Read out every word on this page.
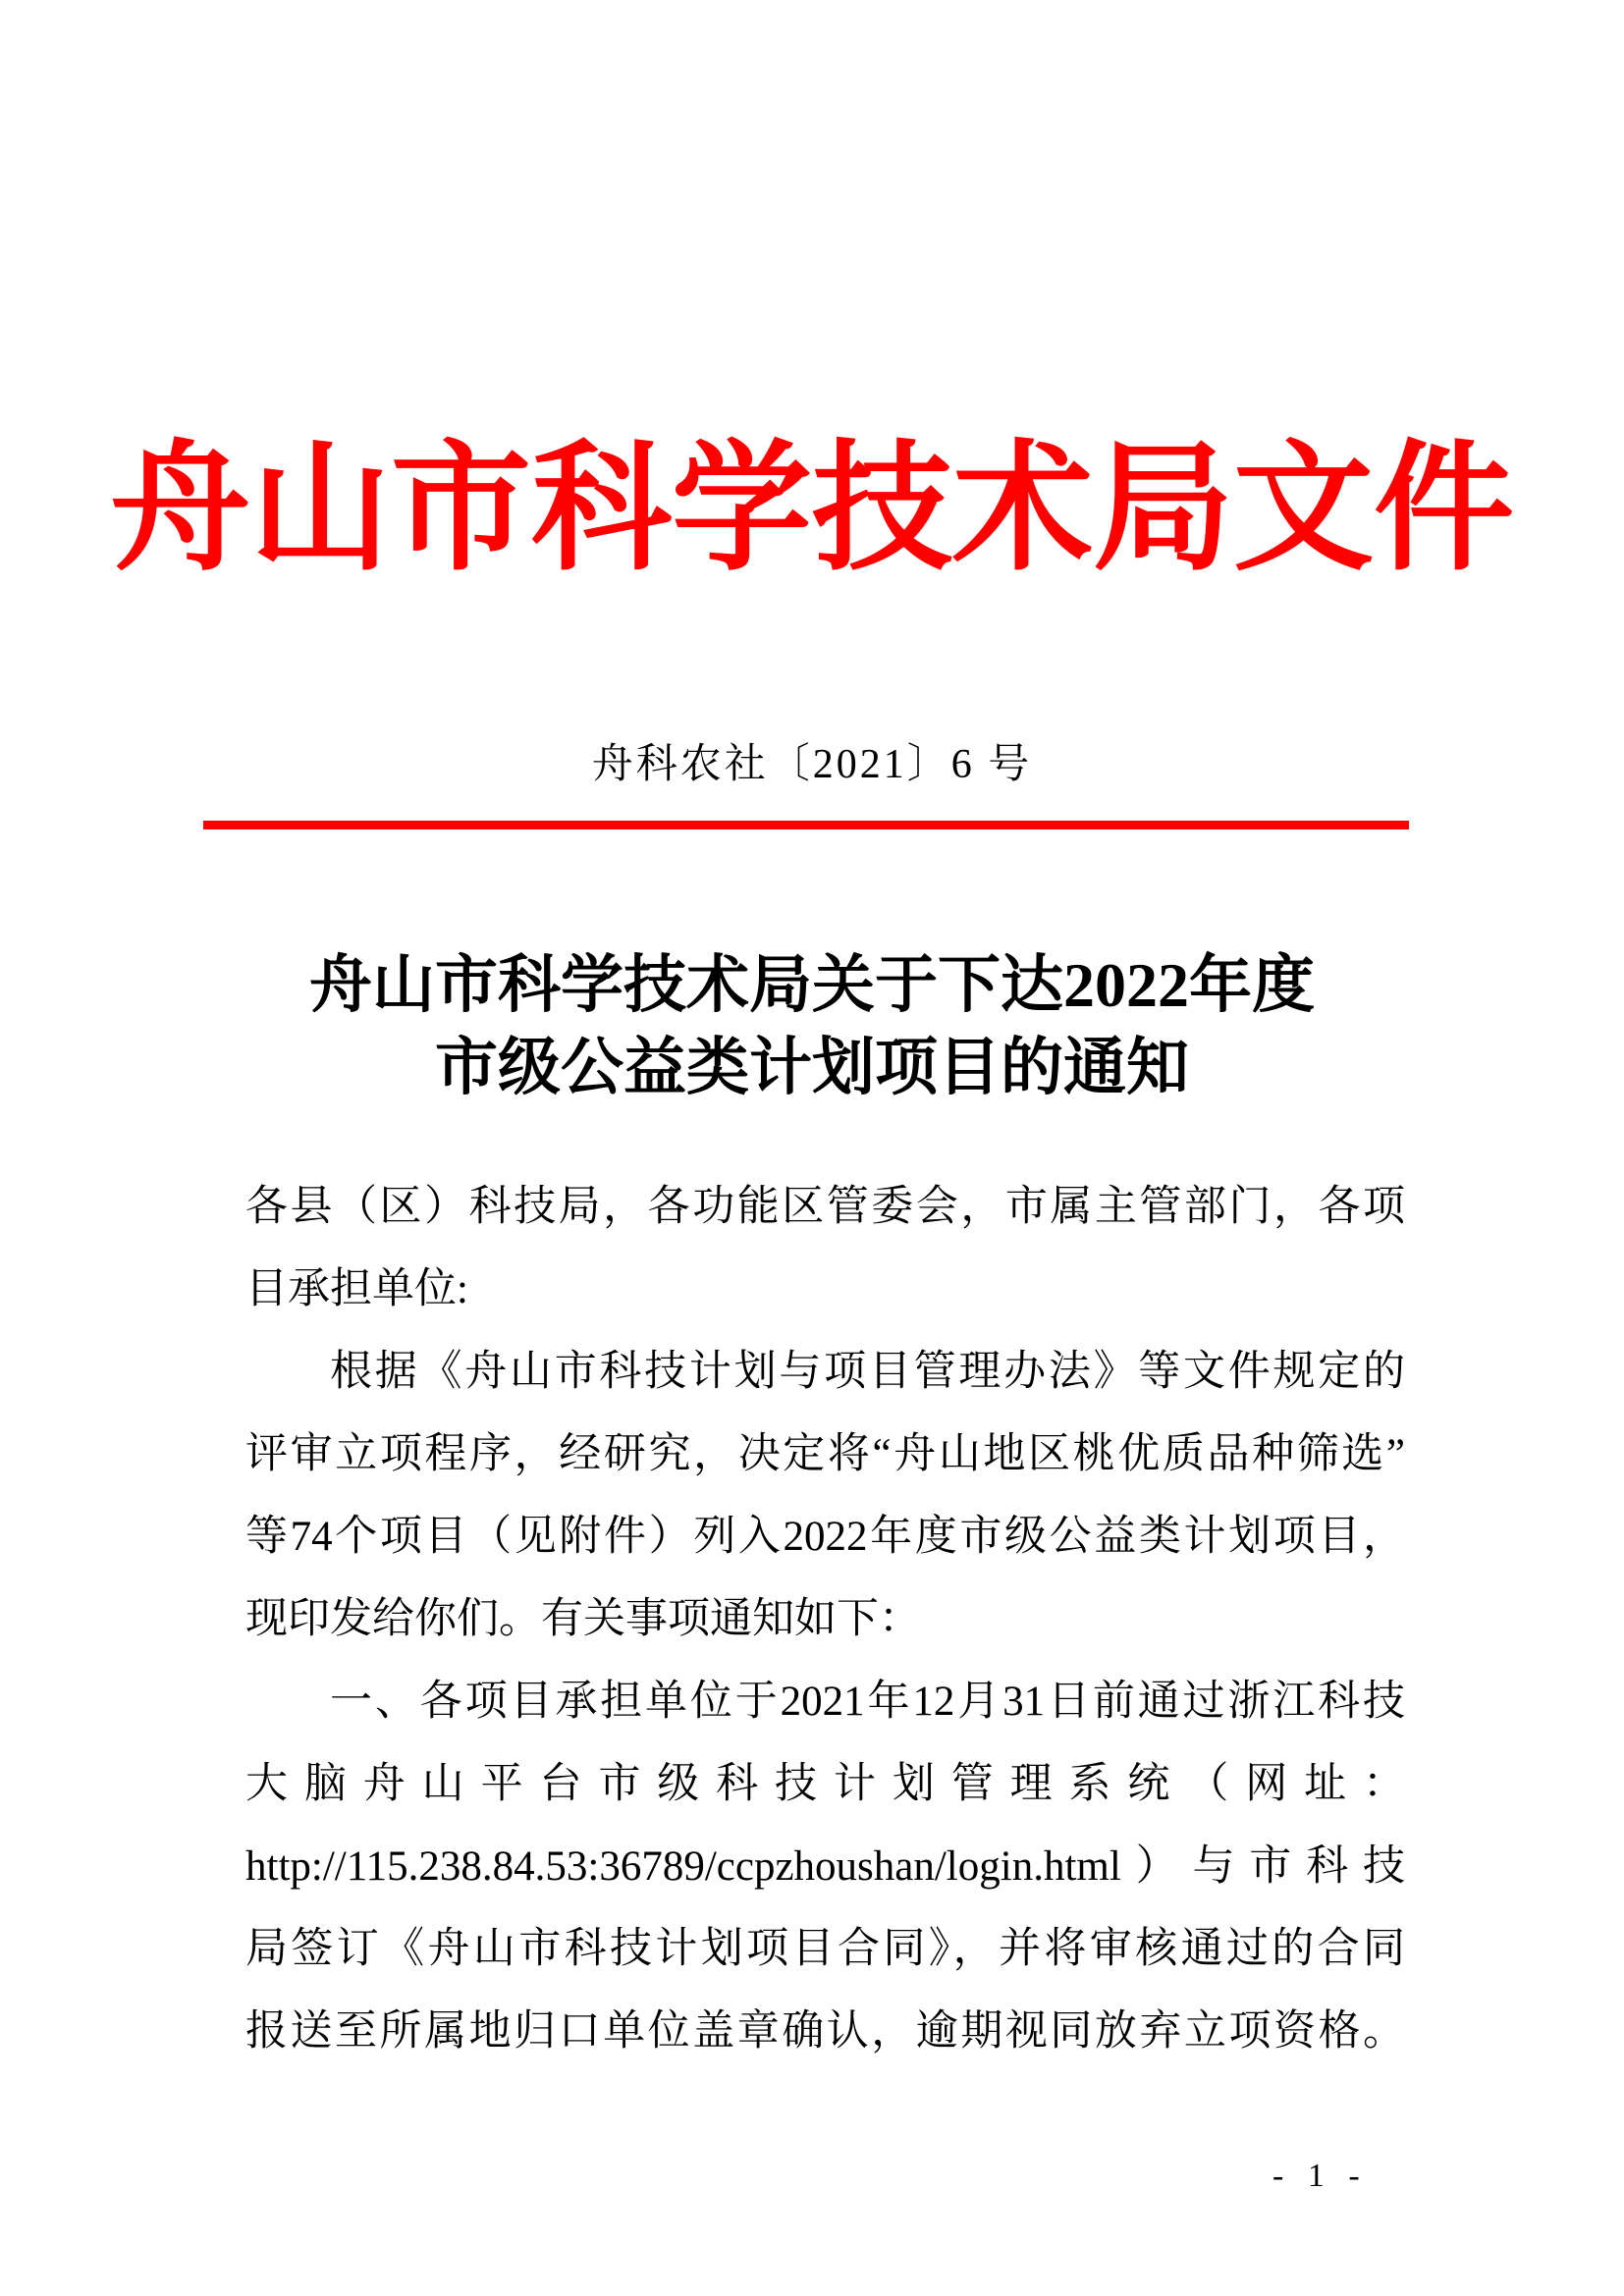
舟山市科学技术局文件
舟科农社〔2021〕6 号
舟山市科学技术局关于下达2022年度
市级公益类计划项目的通知
各县（区）科技局，各功能区管委会，市属主管部门，各项
目承担单位:
根据《舟山市科技计划与项目管理办法》等文件规定的
评审立项程序，经研究，决定将“舟山地区桃优质品种筛选”
等74个项目（见附件）列入2022年度市级公益类计划项目，
现印发给你们。有关事项通知如下：
一、各项目承担单位于2021年12月31日前通过浙江科技
大脑舟山平台市级科技计划管理系统（网址：
http://115.238.84.53:36789/ccpzhoushan/login.html）与市科技
局签订《舟山市科技计划项目合同》，并将审核通过的合同
报送至所属地归口单位盖章确认，逾期视同放弃立项资格。
- 1 -
